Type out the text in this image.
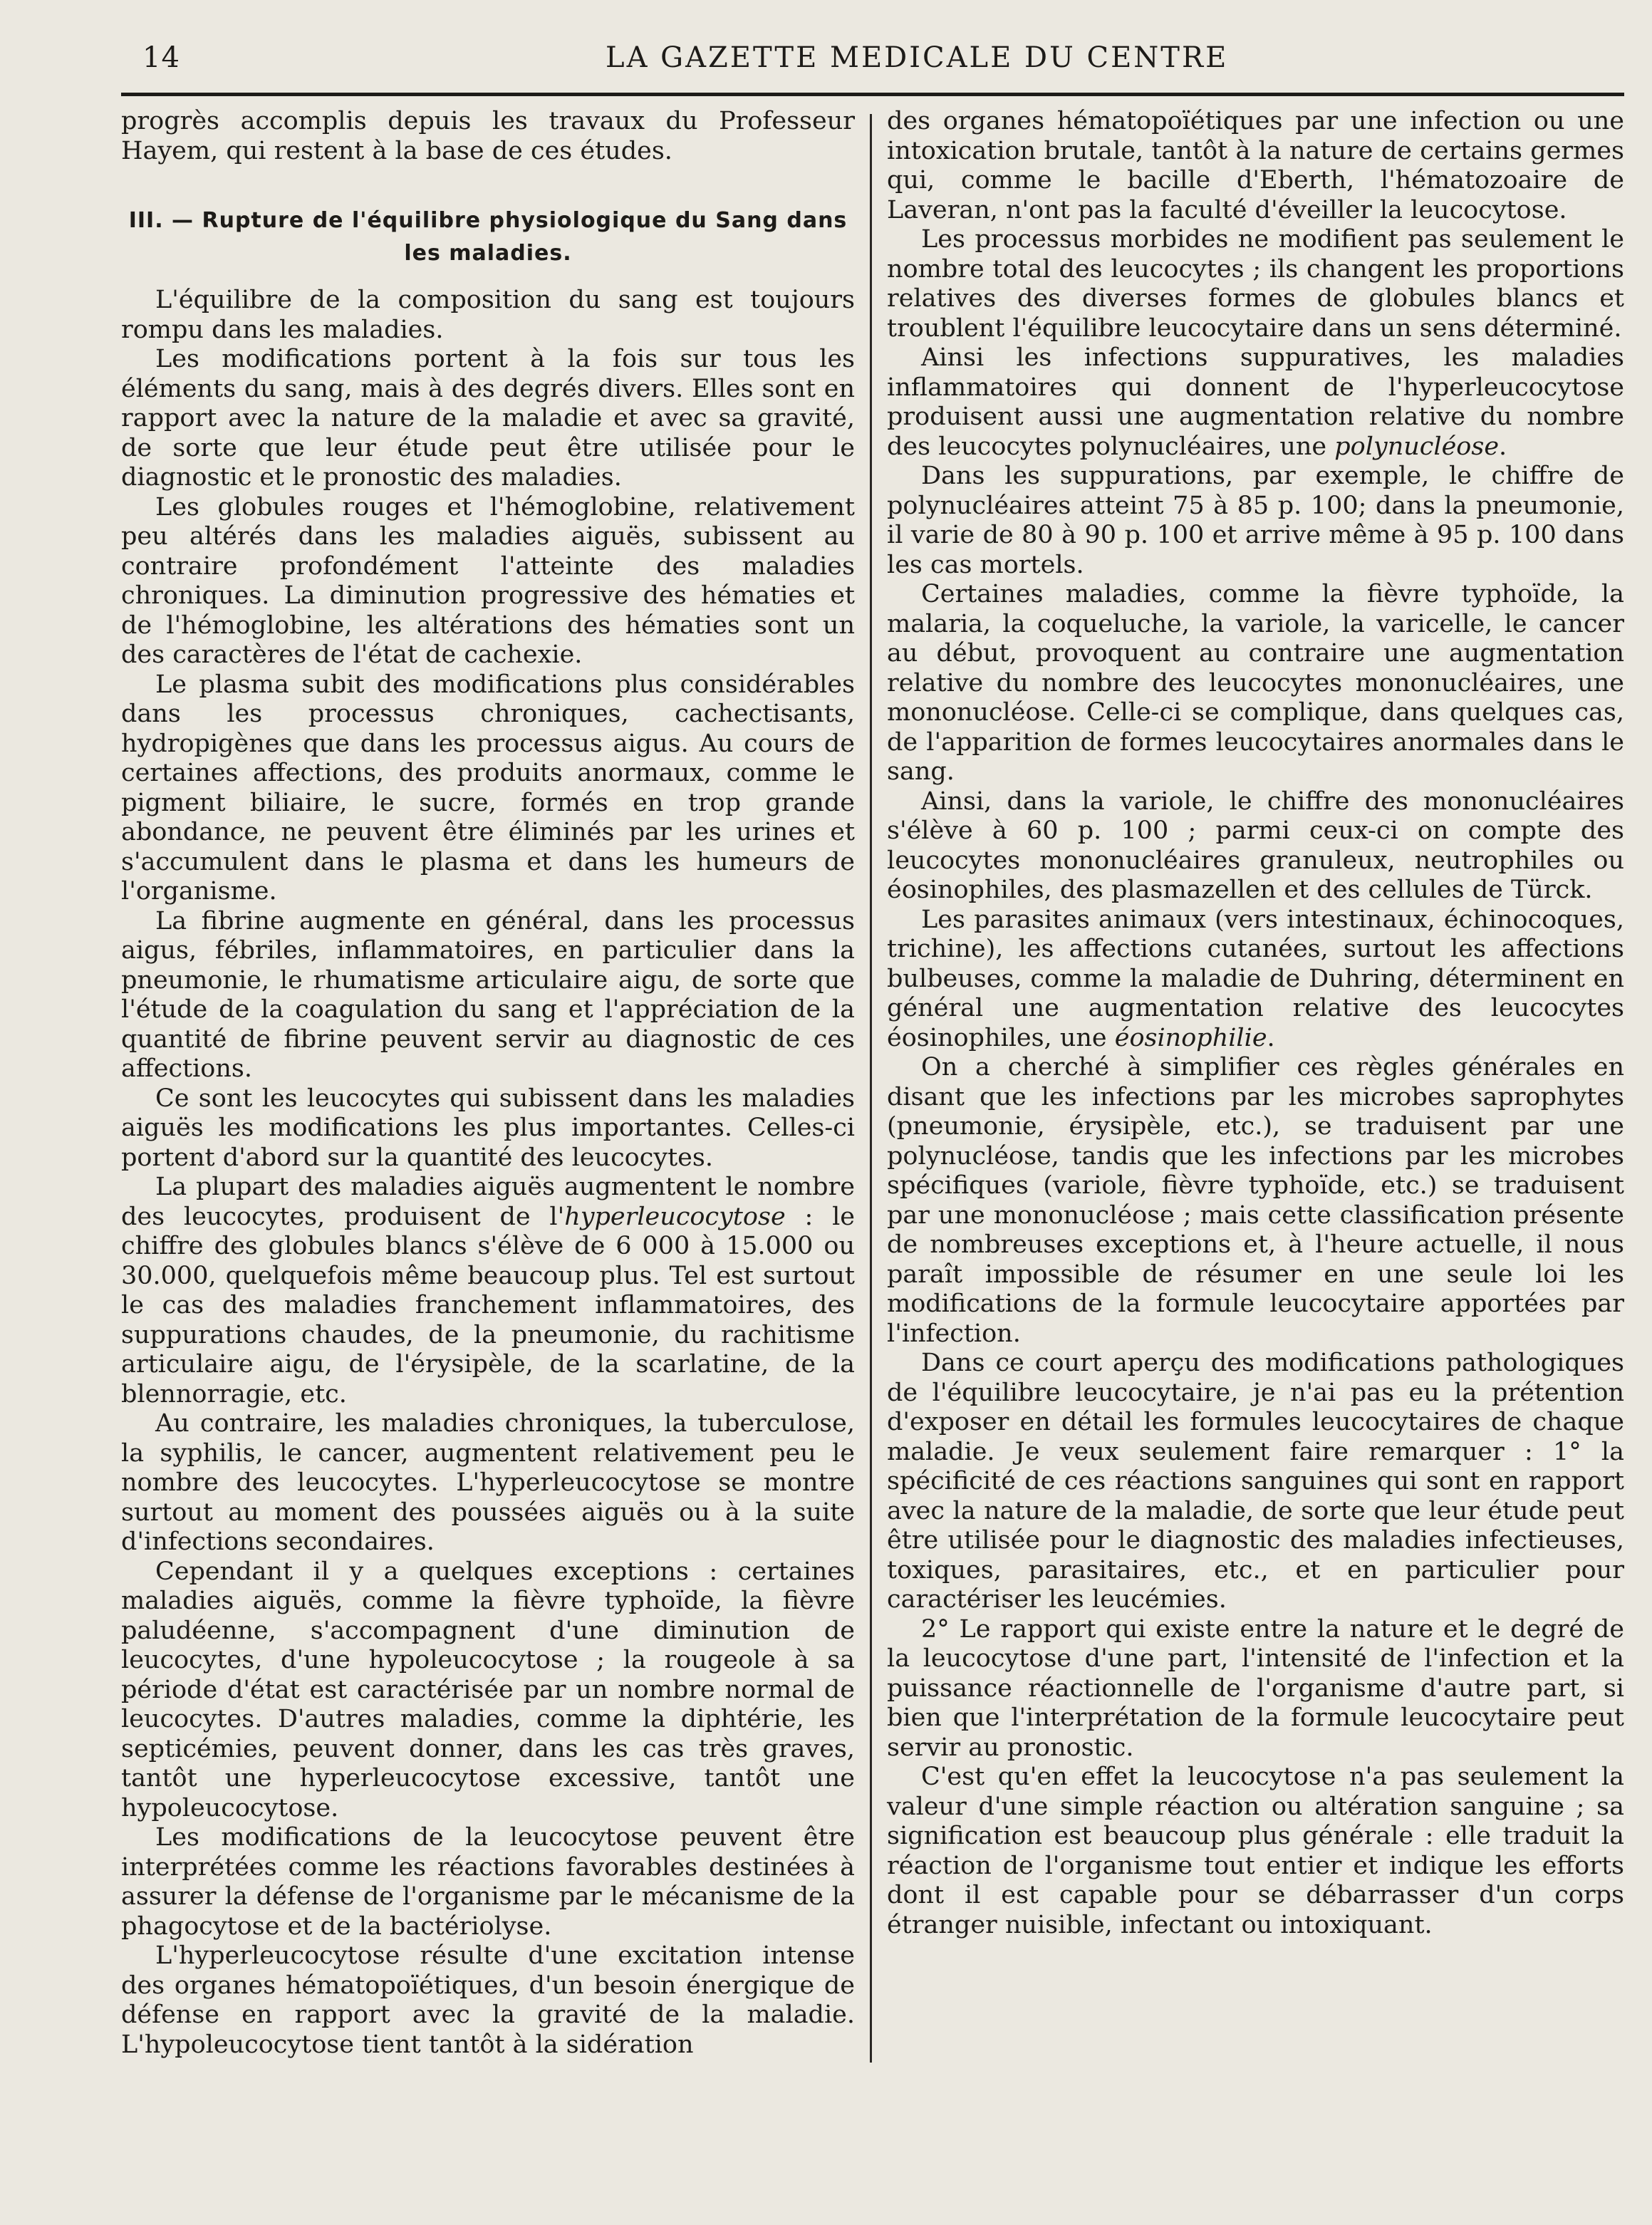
14	LA GAZETTE MEDICALE DU CENTRE

progrès accomplis depuis les travaux du Professeur Hayem, qui restent à la base de ces études.

III. — Rupture de l'équilibre physiologique du Sang dans les maladies.

L'équilibre de la composition du sang est toujours rompu dans les maladies.

Les modifications portent à la fois sur tous les éléments du sang, mais à des degrés divers. Elles sont en rapport avec la nature de la maladie et avec sa gravité, de sorte que leur étude peut être utilisée pour le diagnostic et le pronostic des maladies.

Les globules rouges et l'hémoglobine, relativement peu altérés dans les maladies aiguës, subissent au contraire profondément l'atteinte des maladies chroniques. La diminution progressive des hématies et de l'hémoglobine, les altérations des hématies sont un des caractères de l'état de cachexie.

Le plasma subit des modifications plus considérables dans les processus chroniques, cachectisants, hydropigènes que dans les processus aigus. Au cours de certaines affections, des produits anormaux, comme le pigment biliaire, le sucre, formés en trop grande abondance, ne peuvent être éliminés par les urines et s'accumulent dans le plasma et dans les humeurs de l'organisme.

La fibrine augmente en général, dans les processus aigus, fébriles, inflammatoires, en particulier dans la pneumonie, le rhumatisme articulaire aigu, de sorte que l'étude de la coagulation du sang et l'appréciation de la quantité de fibrine peuvent servir au diagnostic de ces affections.

Ce sont les leucocytes qui subissent dans les maladies aiguës les modifications les plus importantes. Celles-ci portent d'abord sur la quantité des leucocytes.

La plupart des maladies aiguës augmentent le nombre des leucocytes, produisent de l'hyperleucocytose : le chiffre des globules blancs s'élève de 6 000 à 15.000 ou 30.000, quelquefois même beaucoup plus. Tel est surtout le cas des maladies franchement inflammatoires, des suppurations chaudes, de la pneumonie, du rachitisme articulaire aigu, de l'érysipèle, de la scarlatine, de la blennorragie, etc.

Au contraire, les maladies chroniques, la tuberculose, la syphilis, le cancer, augmentent relativement peu le nombre des leucocytes. L'hyperleucocytose se montre surtout au moment des poussées aiguës ou à la suite d'infections secondaires.

Cependant il y a quelques exceptions : certaines maladies aiguës, comme la fièvre typhoïde, la fièvre paludéenne, s'accompagnent d'une diminution de leucocytes, d'une hypoleucocytose ; la rougeole à sa période d'état est caractérisée par un nombre normal de leucocytes. D'autres maladies, comme la diphtérie, les septicémies, peuvent donner, dans les cas très graves, tantôt une hyperleucocytose excessive, tantôt une hypoleucocytose.

Les modifications de la leucocytose peuvent être interprétées comme les réactions favorables destinées à assurer la défense de l'organisme par le mécanisme de la phagocytose et de la bactériolyse.

L'hyperleucocytose résulte d'une excitation intense des organes hématopoïétiques, d'un besoin énergique de défense en rapport avec la gravité de la maladie. L'hypoleucocytose tient tantôt à la sidération

des organes hématopoïétiques par une infection ou une intoxication brutale, tantôt à la nature de certains germes qui, comme le bacille d'Eberth, l'hématozoaire de Laveran, n'ont pas la faculté d'éveiller la leucocytose.

Les processus morbides ne modifient pas seulement le nombre total des leucocytes ; ils changent les proportions relatives des diverses formes de globules blancs et troublent l'équilibre leucocytaire dans un sens déterminé.

Ainsi les infections suppuratives, les maladies inflammatoires qui donnent de l'hyperleucocytose produisent aussi une augmentation relative du nombre des leucocytes polynucléaires, une polynucléose.

Dans les suppurations, par exemple, le chiffre de polynucléaires atteint 75 à 85 p. 100; dans la pneumonie, il varie de 80 à 90 p. 100 et arrive même à 95 p. 100 dans les cas mortels.

Certaines maladies, comme la fièvre typhoïde, la malaria, la coqueluche, la variole, la varicelle, le cancer au début, provoquent au contraire une augmentation relative du nombre des leucocytes mononucléaires, une mononucléose. Celle-ci se complique, dans quelques cas, de l'apparition de formes leucocytaires anormales dans le sang.

Ainsi, dans la variole, le chiffre des mononucléaires s'élève à 60 p. 100 ; parmi ceux-ci on compte des leucocytes mononucléaires granuleux, neutrophiles ou éosinophiles, des plasmazellen et des cellules de Türck.

Les parasites animaux (vers intestinaux, échinocoques, trichine), les affections cutanées, surtout les affections bulbeuses, comme la maladie de Duhring, déterminent en général une augmentation relative des leucocytes éosinophiles, une éosinophilie.

On a cherché à simplifier ces règles générales en disant que les infections par les microbes saprophytes (pneumonie, érysipèle, etc.), se traduisent par une polynucléose, tandis que les infections par les microbes spécifiques (variole, fièvre typhoïde, etc.) se traduisent par une mononucléose ; mais cette classification présente de nombreuses exceptions et, à l'heure actuelle, il nous paraît impossible de résumer en une seule loi les modifications de la formule leucocytaire apportées par l'infection.

Dans ce court aperçu des modifications pathologiques de l'équilibre leucocytaire, je n'ai pas eu la prétention d'exposer en détail les formules leucocytaires de chaque maladie. Je veux seulement faire remarquer : 1° la spécificité de ces réactions sanguines qui sont en rapport avec la nature de la maladie, de sorte que leur étude peut être utilisée pour le diagnostic des maladies infectieuses, toxiques, parasitaires, etc., et en particulier pour caractériser les leucémies.

2° Le rapport qui existe entre la nature et le degré de la leucocytose d'une part, l'intensité de l'infection et la puissance réactionnelle de l'organisme d'autre part, si bien que l'interprétation de la formule leucocytaire peut servir au pronostic.

C'est qu'en effet la leucocytose n'a pas seulement la valeur d'une simple réaction ou altération sanguine ; sa signification est beaucoup plus générale : elle traduit la réaction de l'organisme tout entier et indique les efforts dont il est capable pour se débarrasser d'un corps étranger nuisible, infectant ou intoxiquant.
